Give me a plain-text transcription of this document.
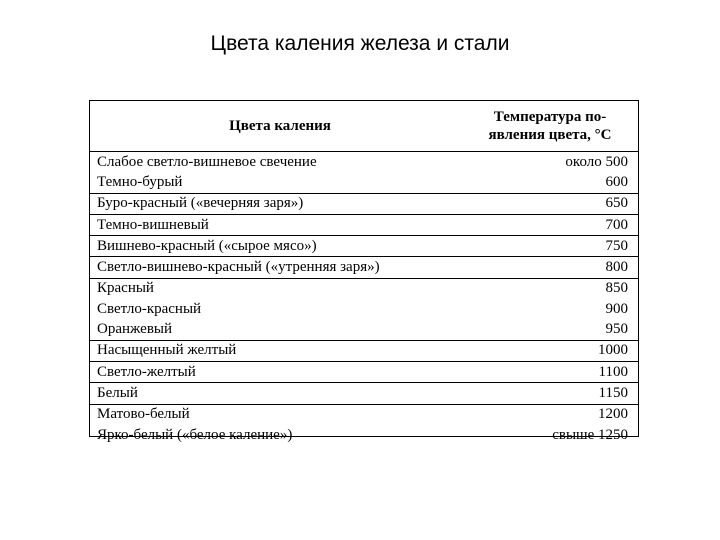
Цвета каления железа и стали
Цвета каления	Температура по-
явления цвета, °С
Слабое светло-вишневое свечение	около 500
Темно-бурый	600
Буро-красный («вечерняя заря»)	650
Темно-вишневый	700
Вишнево-красный («сырое мясо»)	750
Светло-вишнево-красный («утренняя заря»)	800
Красный	850
Светло-красный	900
Оранжевый	950
Насыщенный желтый	1000
Светло-желтый	1100
Белый	1150
Матово-белый	1200
Ярко-белый («белое каление»)	свыше 1250
